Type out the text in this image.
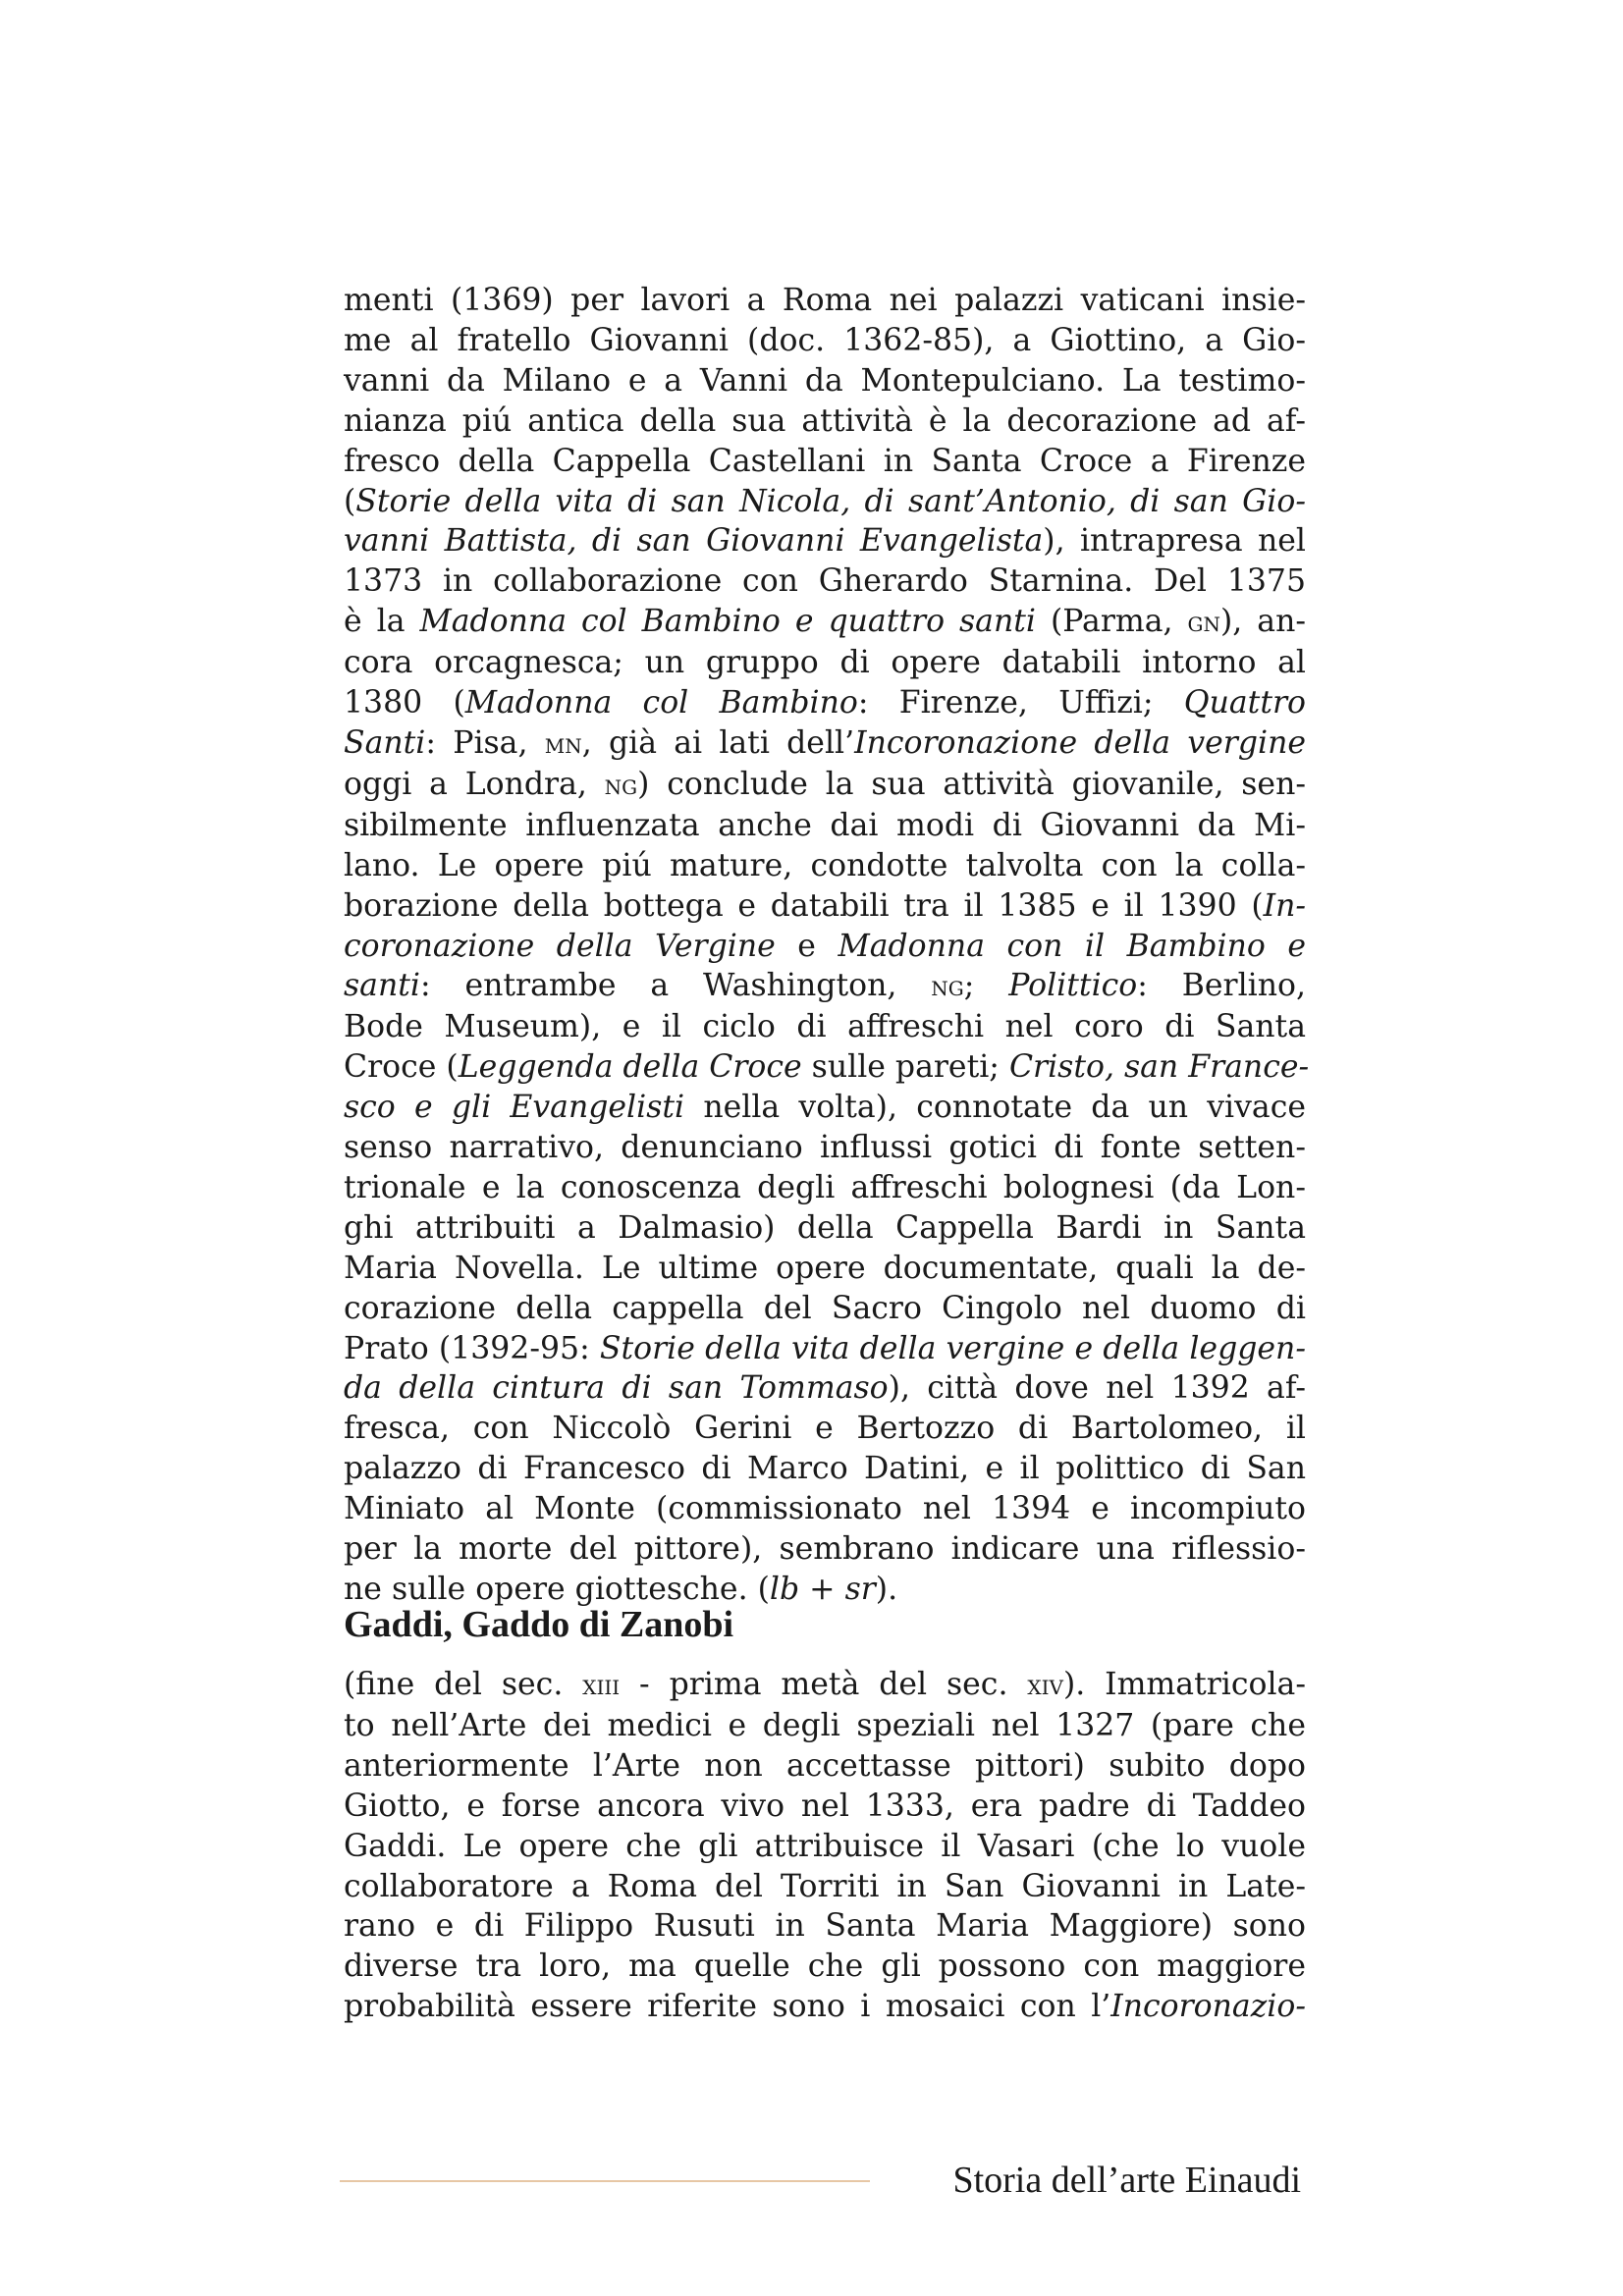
menti (1369) per lavori a Roma nei palazzi vaticani insie-
me al fratello Giovanni (doc. 1362-85), a Giottino, a Gio-
vanni da Milano e a Vanni da Montepulciano. La testimo-
nianza piú antica della sua attività è la decorazione ad af-
fresco della Cappella Castellani in Santa Croce a Firenze
(Storie della vita di san Nicola, di sant’Antonio, di san Gio-
vanni Battista, di san Giovanni Evangelista), intrapresa nel
1373 in collaborazione con Gherardo Starnina. Del 1375
è la Madonna col Bambino e quattro santi (Parma, gn), an-
cora orcagnesca; un gruppo di opere databili intorno al
1380 (Madonna col Bambino: Firenze, Uffizi; Quattro
Santi: Pisa, mn, già ai lati dell’Incoronazione della vergine
oggi a Londra, ng) conclude la sua attività giovanile, sen-
sibilmente influenzata anche dai modi di Giovanni da Mi-
lano. Le opere piú mature, condotte talvolta con la colla-
borazione della bottega e databili tra il 1385 e il 1390 (In-
coronazione della Vergine e Madonna con il Bambino e
santi: entrambe a Washington, ng; Polittico: Berlino,
Bode Museum), e il ciclo di affreschi nel coro di Santa
Croce (Leggenda della Croce sulle pareti; Cristo, san France-
sco e gli Evangelisti nella volta), connotate da un vivace
senso narrativo, denunciano influssi gotici di fonte setten-
trionale e la conoscenza degli affreschi bolognesi (da Lon-
ghi attribuiti a Dalmasio) della Cappella Bardi in Santa
Maria Novella. Le ultime opere documentate, quali la de-
corazione della cappella del Sacro Cingolo nel duomo di
Prato (1392-95: Storie della vita della vergine e della leggen-
da della cintura di san Tommaso), città dove nel 1392 af-
fresca, con Niccolò Gerini e Bertozzo di Bartolomeo, il
palazzo di Francesco di Marco Datini, e il polittico di San
Miniato al Monte (commissionato nel 1394 e incompiuto
per la morte del pittore), sembrano indicare una riflessio-
ne sulle opere giottesche. (lb + sr).
Gaddi, Gaddo di Zanobi
(fine del sec. xiii - prima metà del sec. xiv). Immatricola-
to nell’Arte dei medici e degli speziali nel 1327 (pare che
anteriormente l’Arte non accettasse pittori) subito dopo
Giotto, e forse ancora vivo nel 1333, era padre di Taddeo
Gaddi. Le opere che gli attribuisce il Vasari (che lo vuole
collaboratore a Roma del Torriti in San Giovanni in Late-
rano e di Filippo Rusuti in Santa Maria Maggiore) sono
diverse tra loro, ma quelle che gli possono con maggiore
probabilità essere riferite sono i mosaici con l’Incoronazio-
Storia dell’arte Einaudi
